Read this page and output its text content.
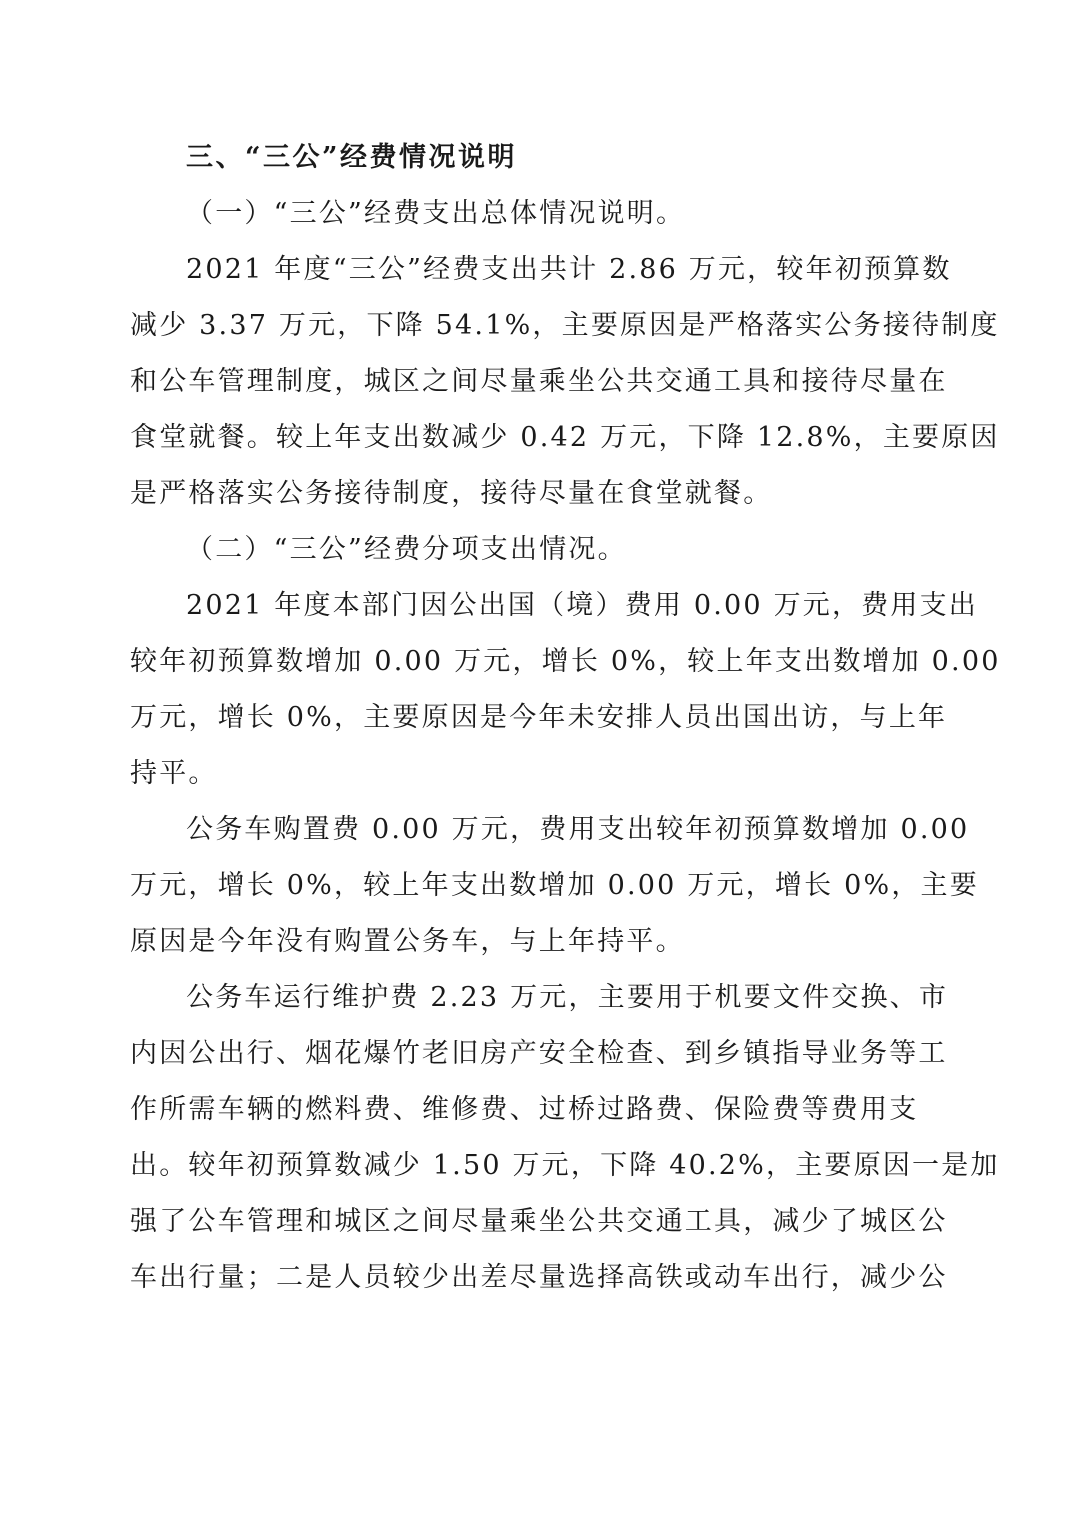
三、“三公”经费情况说明
（一）“三公”经费支出总体情况说明。
2021 年度“三公”经费支出共计 2.86 万元，较年初预算数
减少 3.37 万元，下降 54.1%，主要原因是严格落实公务接待制度
和公车管理制度，城区之间尽量乘坐公共交通工具和接待尽量在
食堂就餐。较上年支出数减少 0.42 万元，下降 12.8%，主要原因
是严格落实公务接待制度，接待尽量在食堂就餐。
（二）“三公”经费分项支出情况。
2021 年度本部门因公出国（境）费用 0.00 万元，费用支出
较年初预算数增加 0.00 万元，增长 0%，较上年支出数增加 0.00
万元，增长 0%，主要原因是今年未安排人员出国出访，与上年
持平。
公务车购置费 0.00 万元，费用支出较年初预算数增加 0.00
万元，增长 0%，较上年支出数增加 0.00 万元，增长 0%，主要
原因是今年没有购置公务车，与上年持平。
公务车运行维护费 2.23 万元，主要用于机要文件交换、市
内因公出行、烟花爆竹老旧房产安全检查、到乡镇指导业务等工
作所需车辆的燃料费、维修费、过桥过路费、保险费等费用支
出。较年初预算数减少 1.50 万元，下降 40.2%，主要原因一是加
强了公车管理和城区之间尽量乘坐公共交通工具，减少了城区公
车出行量；二是人员较少出差尽量选择高铁或动车出行，减少公
